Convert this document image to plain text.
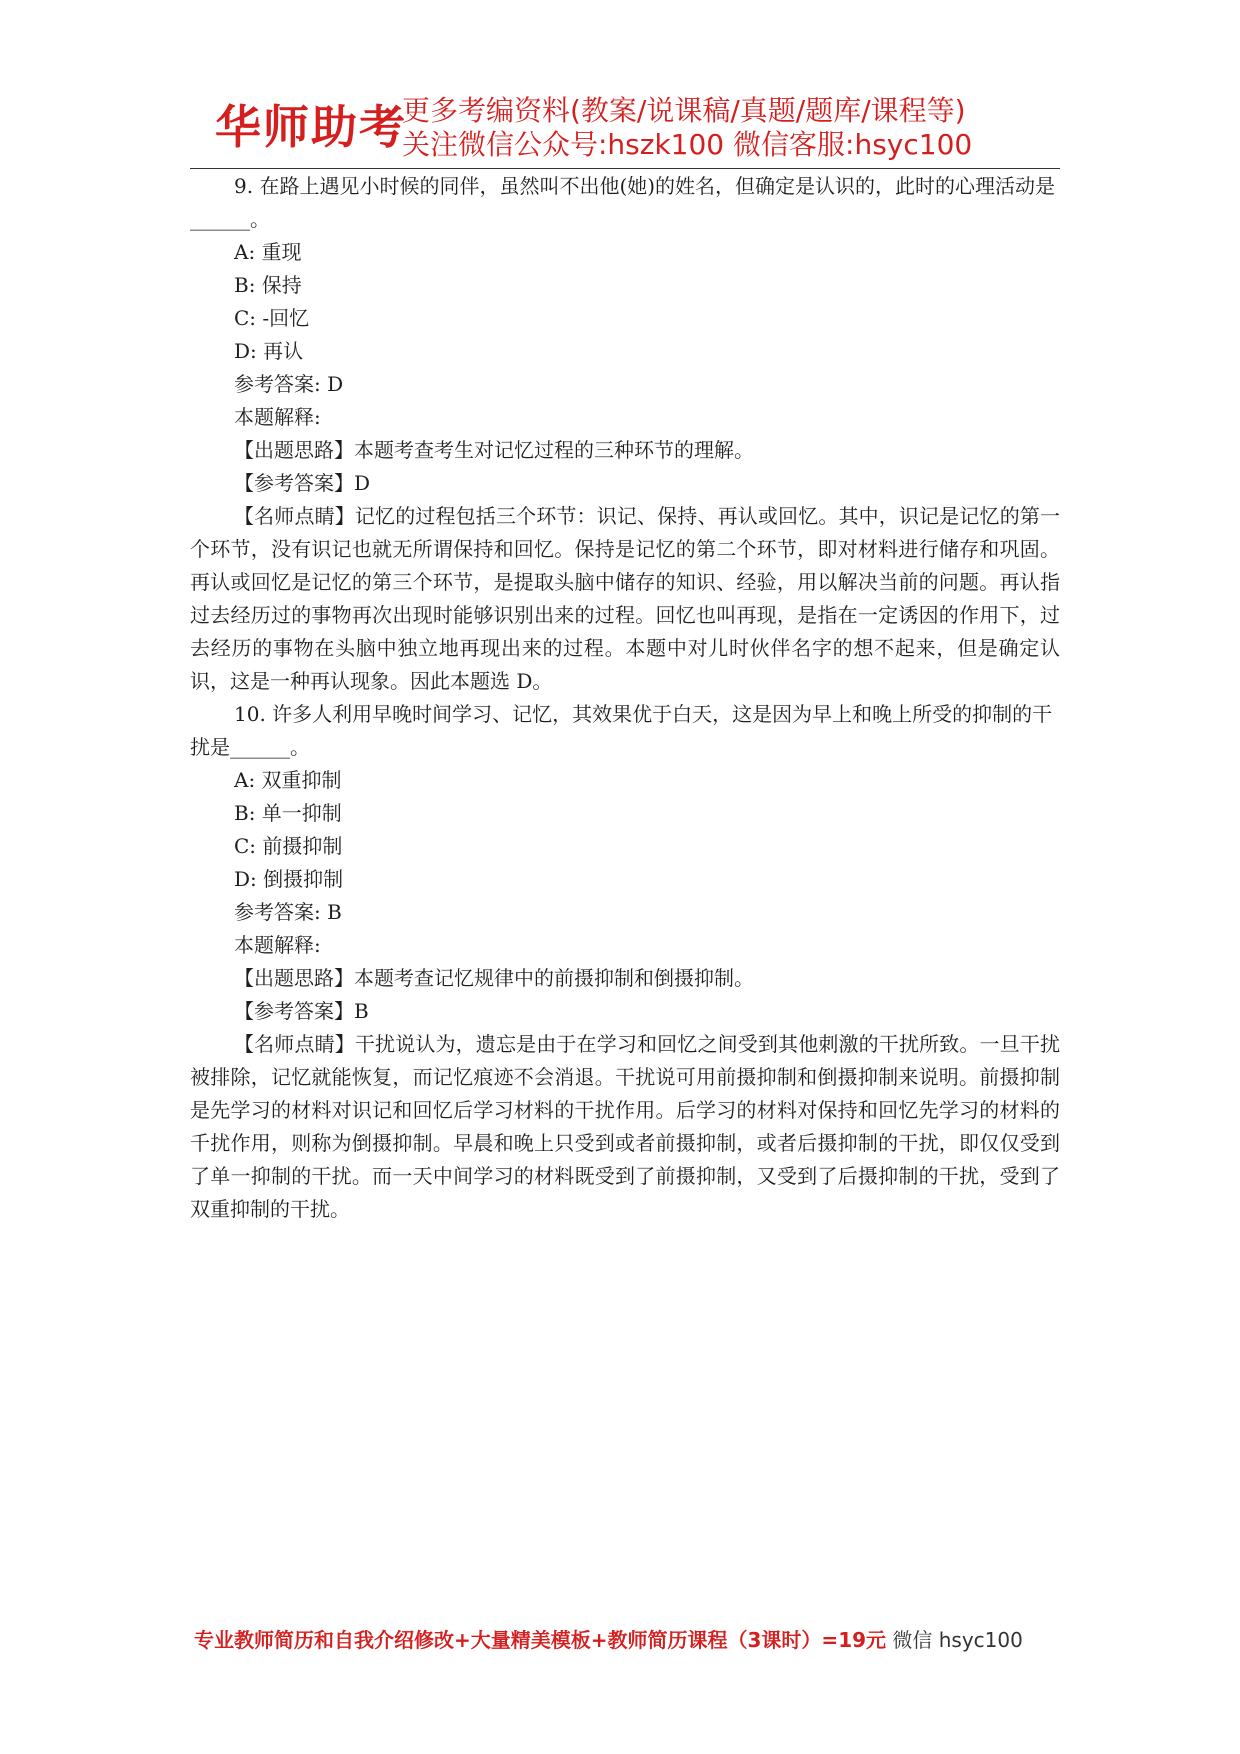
华师助考
更多考编资料(教案/说课稿/真题/题库/课程等)
关注微信公众号:hszk100 微信客服:hsyc100

9. 在路上遇见小时候的同伴，虽然叫不出他(她)的姓名，但确定是认识的，此时的心理活动是______。

A: 重现

B: 保持

C: -回忆

D: 再认

参考答案: D

本题解释:

【出题思路】本题考查考生对记忆过程的三种环节的理解。

【参考答案】D

【名师点睛】记忆的过程包括三个环节：识记、保持、再认或回忆。其中，识记是记忆的第一个环节，没有识记也就无所谓保持和回忆。保持是记忆的第二个环节，即对材料进行储存和巩固。再认或回忆是记忆的第三个环节，是提取头脑中储存的知识、经验，用以解决当前的问题。再认指过去经历过的事物再次出现时能够识别出来的过程。回忆也叫再现，是指在一定诱因的作用下，过去经历的事物在头脑中独立地再现出来的过程。本题中对儿时伙伴名字的想不起来，但是确定认识，这是一种再认现象。因此本题选 D。

10. 许多人利用早晚时间学习、记忆，其效果优于白天，这是因为早上和晚上所受的抑制的干扰是______。

A: 双重抑制

B: 单一抑制

C: 前摄抑制

D: 倒摄抑制

参考答案: B

本题解释:

【出题思路】本题考查记忆规律中的前摄抑制和倒摄抑制。

【参考答案】B

【名师点睛】干扰说认为，遗忘是由于在学习和回忆之间受到其他刺激的干扰所致。一旦干扰被排除，记忆就能恢复，而记忆痕迹不会消退。干扰说可用前摄抑制和倒摄抑制来说明。前摄抑制是先学习的材料对识记和回忆后学习材料的干扰作用。后学习的材料对保持和回忆先学习的材料的千扰作用，则称为倒摄抑制。早晨和晚上只受到或者前摄抑制，或者后摄抑制的干扰，即仅仅受到了单一抑制的干扰。而一天中间学习的材料既受到了前摄抑制，又受到了后摄抑制的干扰，受到了双重抑制的干扰。

专业教师简历和自我介绍修改+大量精美模板+教师简历课程（3课时）=19元 微信 hsyc100
